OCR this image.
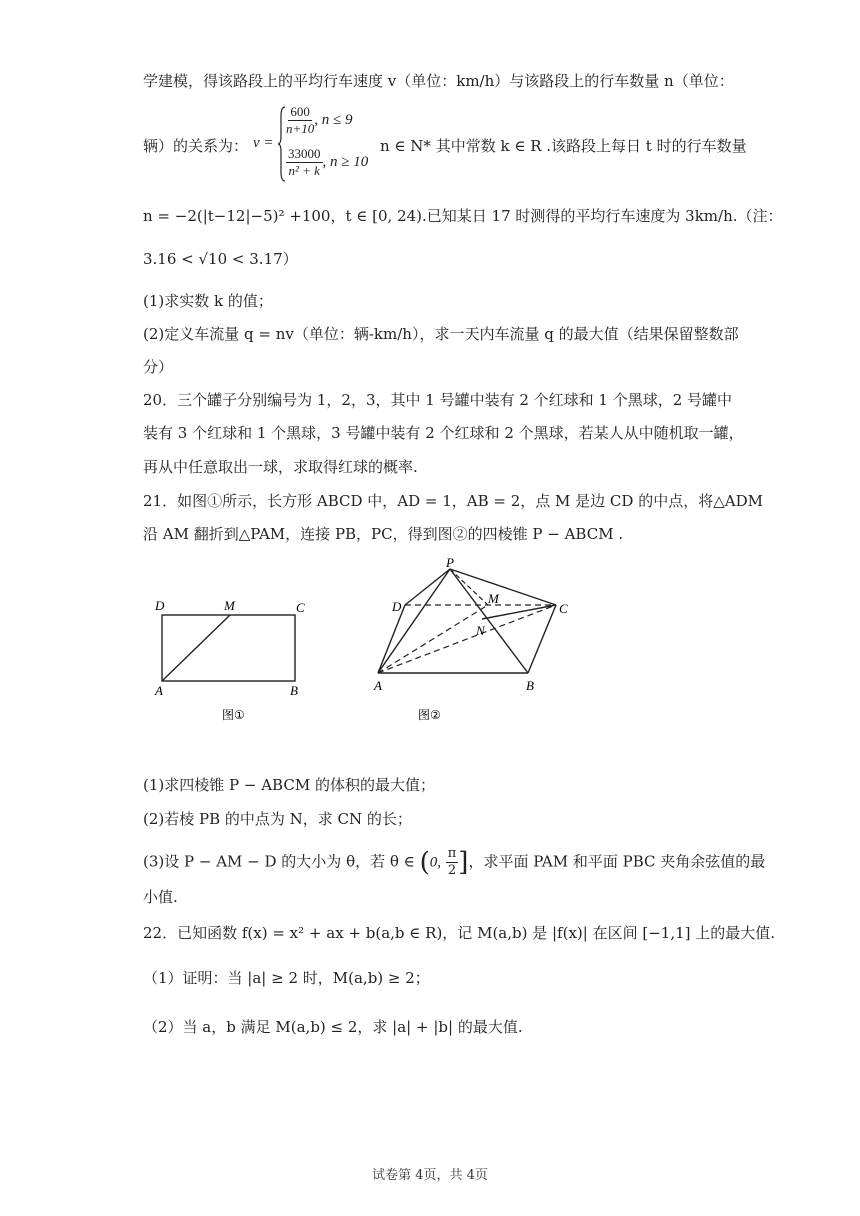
学建模，得该路段上的平均行车速度 v（单位：km/h）与该路段上的行车数量 n（单位：
辆）的关系为： v =
$\frac{600}{n+10}$ , n ≤ 9
$\frac{33000}{\text{n² + k}}$ , n ≥ 10
n ∈ N* 其中常数 k ∈ R .该路段上每日 t 时的行车数量
n = −2(|t−12|−5)² +100，t ∈ [0, 24).已知某日 17 时测得的平均行车速度为 3km/h.（注：
3.16 < √10 < 3.17）
(1)求实数 k 的值；
(2)定义车流量 q = nv（单位：辆-km/h），求一天内车流量 q 的最大值（结果保留整数部
分）
20．三个罐子分别编号为 1，2，3，其中 1 号罐中装有 2 个红球和 1 个黑球，2 号罐中
装有 3 个红球和 1 个黑球，3 号罐中装有 2 个红球和 2 个黑球，若某人从中随机取一罐，
再从中任意取出一球，求取得红球的概率.
21．如图①所示，长方形 ABCD 中，AD = 1，AB = 2，点 M 是边 CD 的中点，将△ADM
沿 AM 翻折到△PAM，连接 PB，PC，得到图②的四棱锥 P − ABCM .
D	M	C
A	B
图①
P
D
M
C
N
A	B
图②
(1)求四棱锥 P − ABCM 的体积的最大值；
(2)若棱 PB 的中点为 N，求 CN 的长；
(3)设 P − AM − D 的大小为 θ，若 θ ∈ (0, $\frac{\pi}{2}$ ]，求平面 PAM 和平面 PBC 夹角余弦值的最
小值.
22．已知函数 f(x) = x² + ax + b(a,b ∈ R)，记 M(a,b) 是 |f(x)| 在区间 [−1,1] 上的最大值.
（1）证明：当 |a| ≥ 2 时，M(a,b) ≥ 2；
（2）当 a，b 满足 M(a,b) ≤ 2，求 |a| + |b| 的最大值.
试卷第 4页，共 4页
